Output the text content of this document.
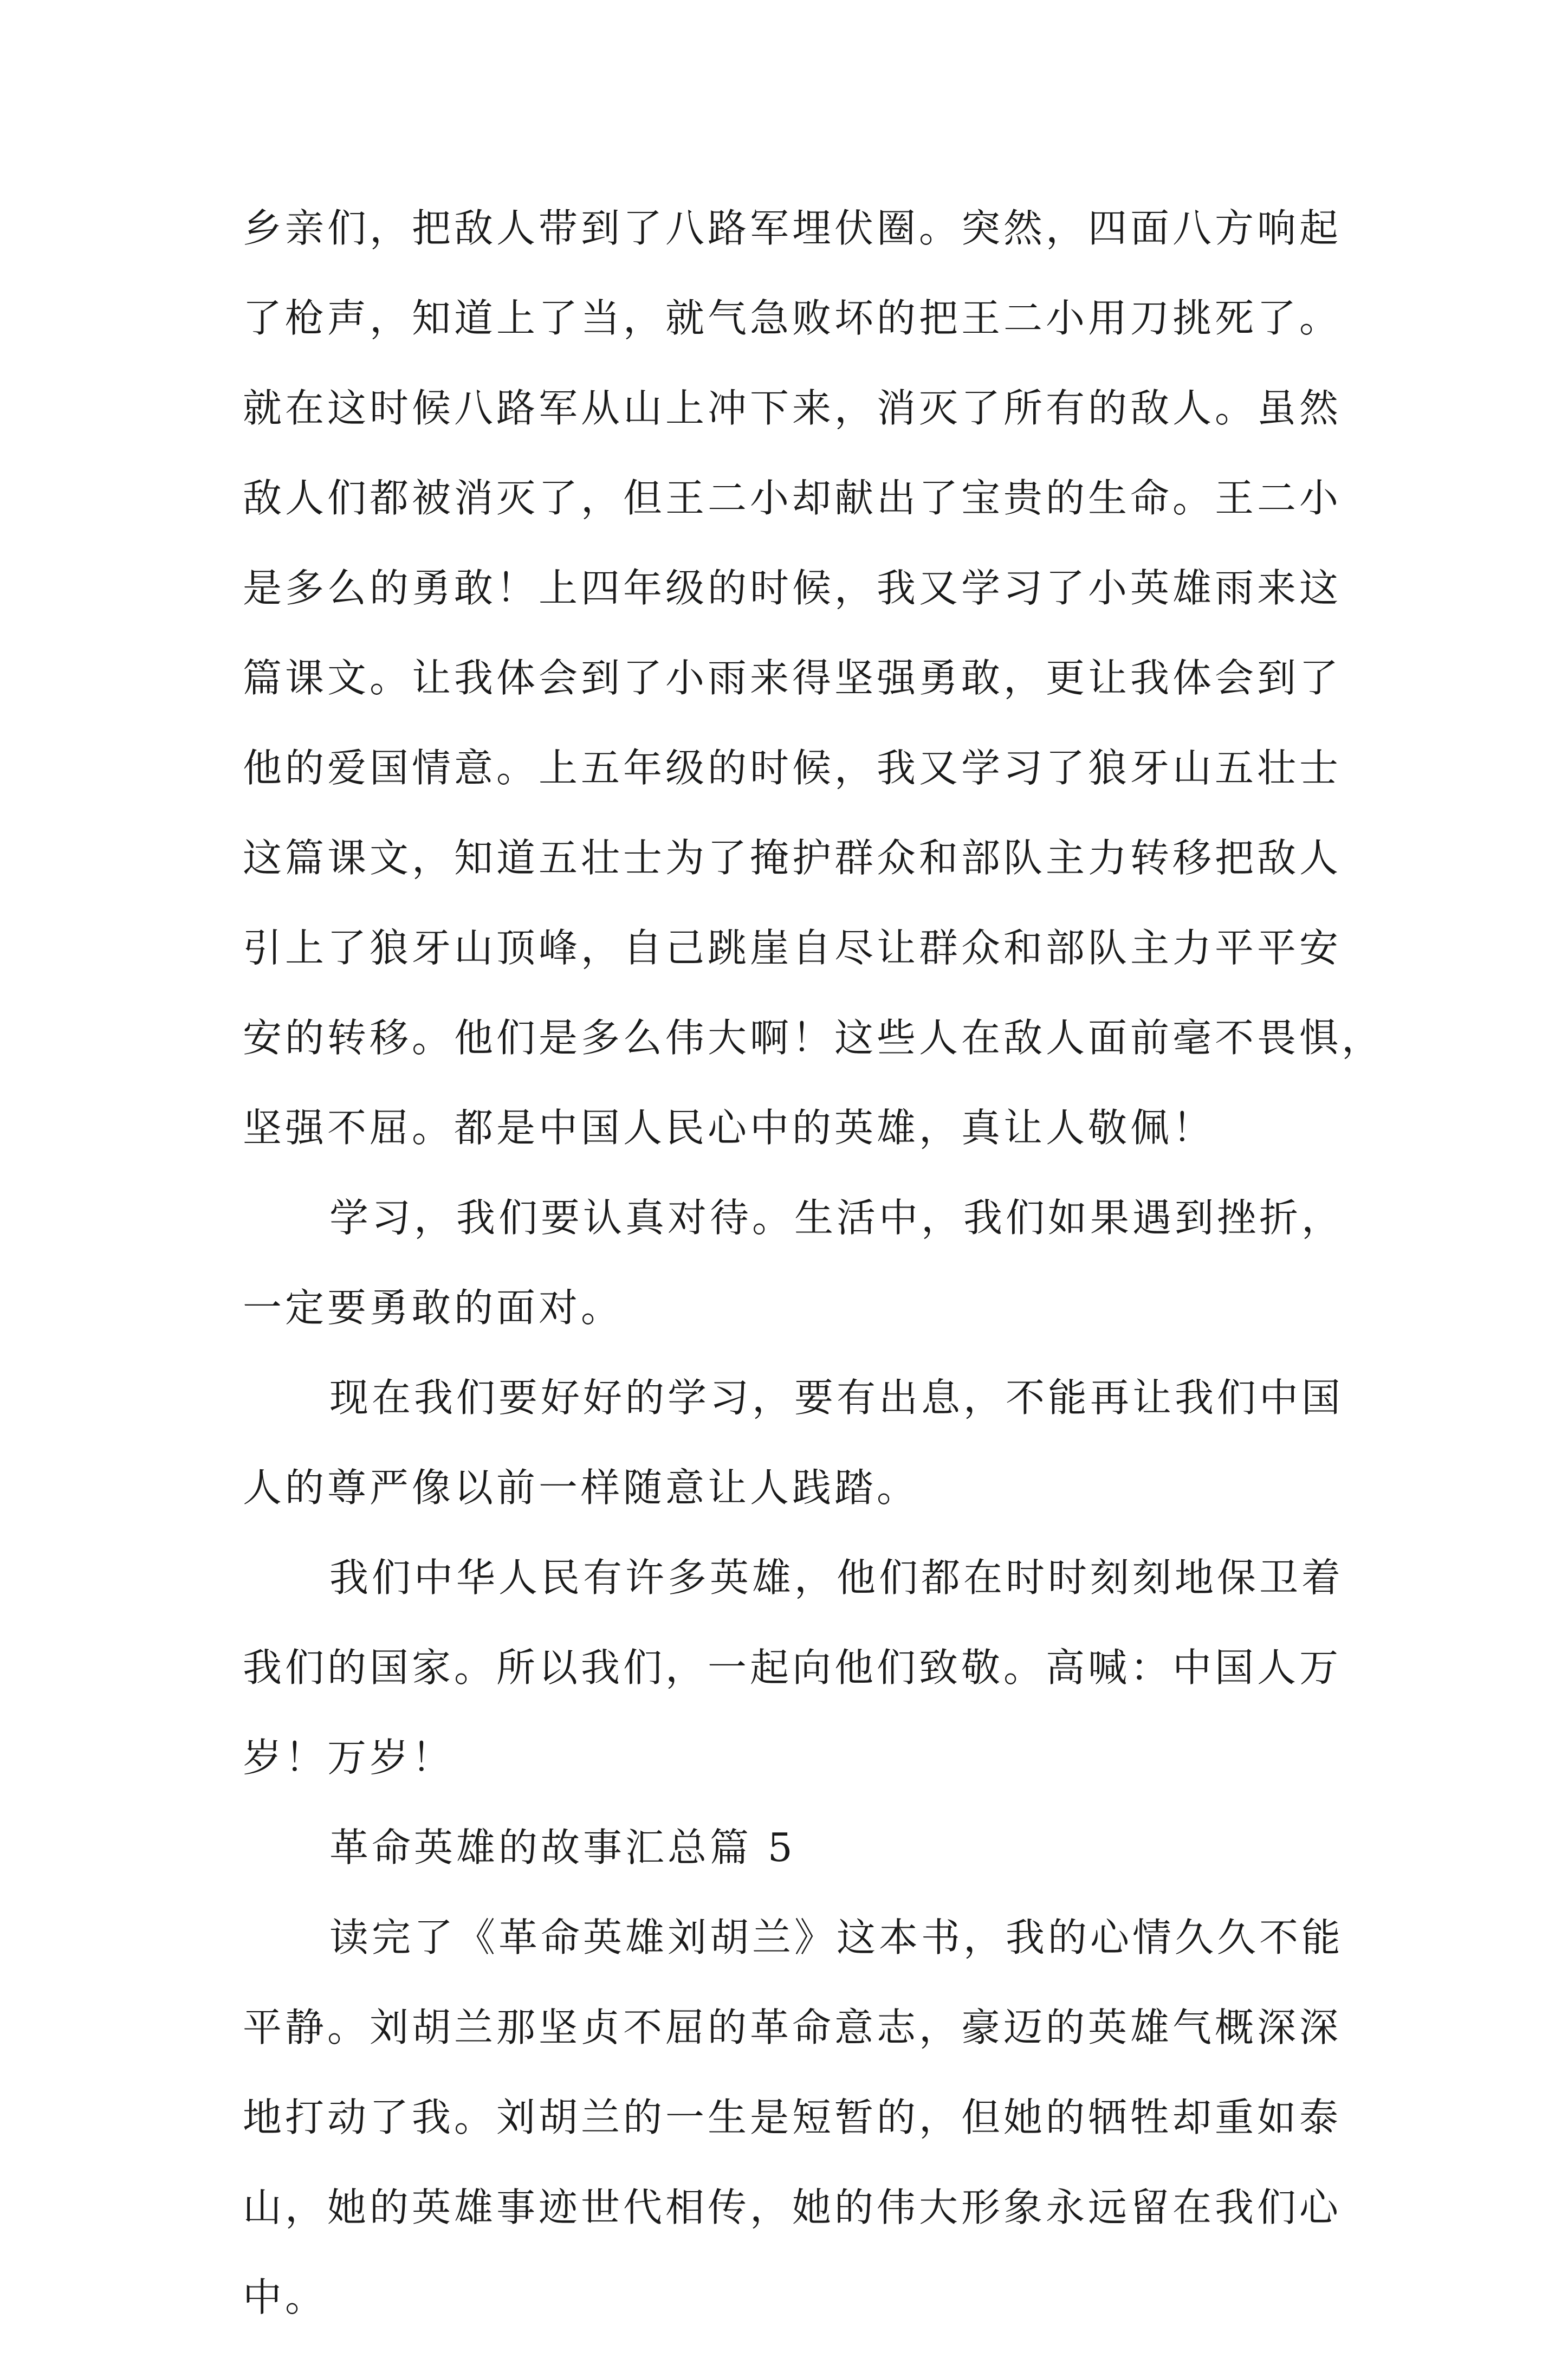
乡亲们，把敌人带到了八路军埋伏圈。突然，四面八方响起
了枪声，知道上了当，就气急败坏的把王二小用刀挑死了。
就在这时候八路军从山上冲下来，消灭了所有的敌人。虽然
敌人们都被消灭了，但王二小却献出了宝贵的生命。王二小
是多么的勇敢！上四年级的时候，我又学习了小英雄雨来这
篇课文。让我体会到了小雨来得坚强勇敢，更让我体会到了
他的爱国情意。上五年级的时候，我又学习了狼牙山五壮士
这篇课文，知道五壮士为了掩护群众和部队主力转移把敌人
引上了狼牙山顶峰，自己跳崖自尽让群众和部队主力平平安
安的转移。他们是多么伟大啊！这些人在敌人面前毫不畏惧，
坚强不屈。都是中国人民心中的英雄，真让人敬佩！
学习，我们要认真对待。生活中，我们如果遇到挫折，
一定要勇敢的面对。
现在我们要好好的学习，要有出息，不能再让我们中国
人的尊严像以前一样随意让人践踏。
我们中华人民有许多英雄，他们都在时时刻刻地保卫着
我们的国家。所以我们，一起向他们致敬。高喊：中国人万
岁！万岁！
革命英雄的故事汇总篇 5
读完了《革命英雄刘胡兰》这本书，我的心情久久不能
平静。刘胡兰那坚贞不屈的革命意志，豪迈的英雄气概深深
地打动了我。刘胡兰的一生是短暂的，但她的牺牲却重如泰
山，她的英雄事迹世代相传，她的伟大形象永远留在我们心
中。
